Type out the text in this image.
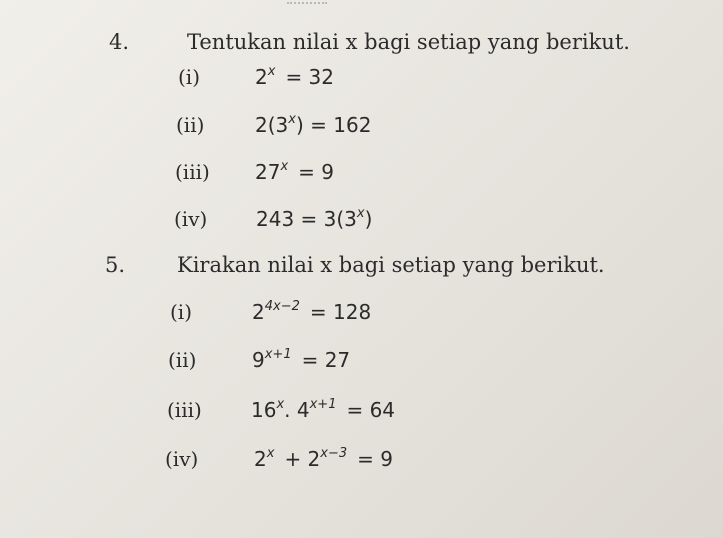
4.	Tentukan nilai x bagi setiap yang berikut.
(i)	$2^x = 32$
(ii)	$2(3^x) = 162$
(iii) $27^x = 9$
(iv) $243 = 3(3^x)$
5. Kirakan nilai x bagi setiap yang berikut.
(i)	$2^{4x-2} = 128$
(ii)	$9^{x+1} = 27$
(iii) 16$^x$. $4^{x+1} = 64$
(iv)	$2^x + 2^{x-3} = 9$
